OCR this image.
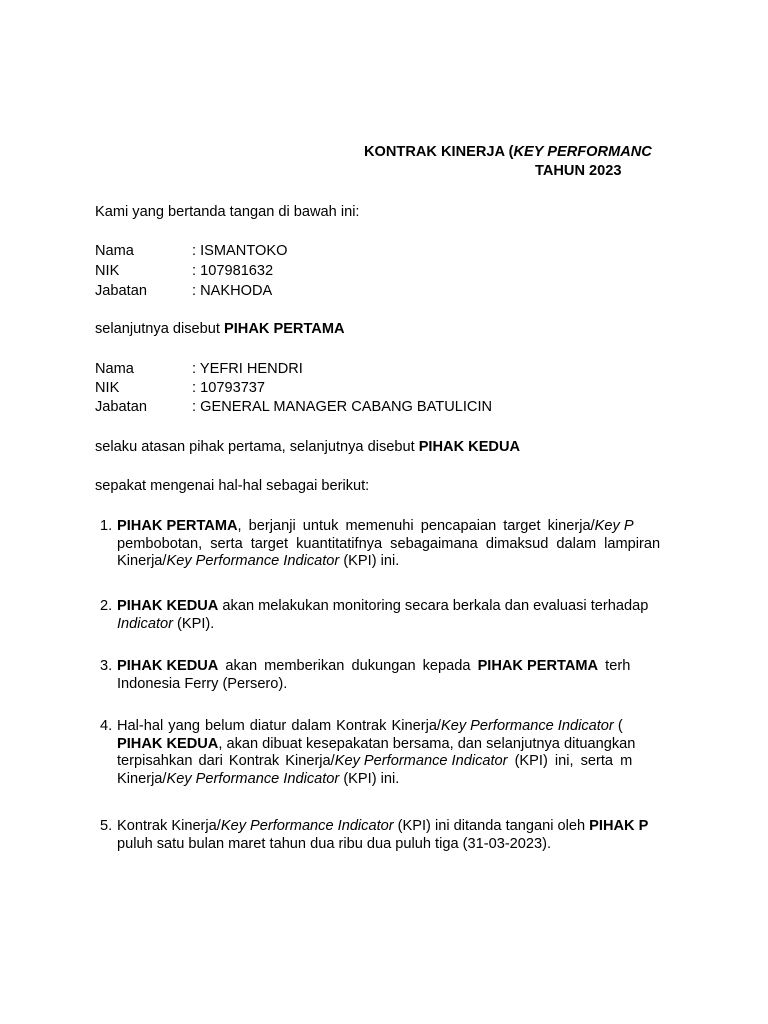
KONTRAK KINERJA (KEY PERFORMANC
TAHUN 2023
Kami yang bertanda tangan di bawah ini:
Nama	: ISMANTOKO
NIK	: 107981632
Jabatan	: NAKHODA
selanjutnya disebut PIHAK PERTAMA
Nama	: YEFRI HENDRI
NIK	: 10793737
Jabatan	: GENERAL MANAGER CABANG BATULICIN
selaku atasan pihak pertama, selanjutnya disebut PIHAK KEDUA
sepakat mengenai hal-hal sebagai berikut:
1. PIHAK PERTAMA, berjanji untuk memenuhi pencapaian target kinerja/Key P
pembobotan, serta target kuantitatifnya sebagaimana dimaksud dalam lampiran
Kinerja/Key Performance Indicator (KPI) ini.
2. PIHAK KEDUA akan melakukan monitoring secara berkala dan evaluasi terhadap
Indicator (KPI).
3. PIHAK KEDUA akan memberikan dukungan kepada PIHAK PERTAMA terh
Indonesia Ferry (Persero).
4. Hal-hal yang belum diatur dalam Kontrak Kinerja/Key Performance Indicator (
PIHAK KEDUA, akan dibuat kesepakatan bersama, dan selanjutnya dituangkan
terpisahkan dari Kontrak Kinerja/Key Performance Indicator (KPI) ini, serta m
Kinerja/Key Performance Indicator (KPI) ini.
5. Kontrak Kinerja/Key Performance Indicator (KPI) ini ditanda tangani oleh PIHAK P
puluh satu bulan maret tahun dua ribu dua puluh tiga (31-03-2023).
